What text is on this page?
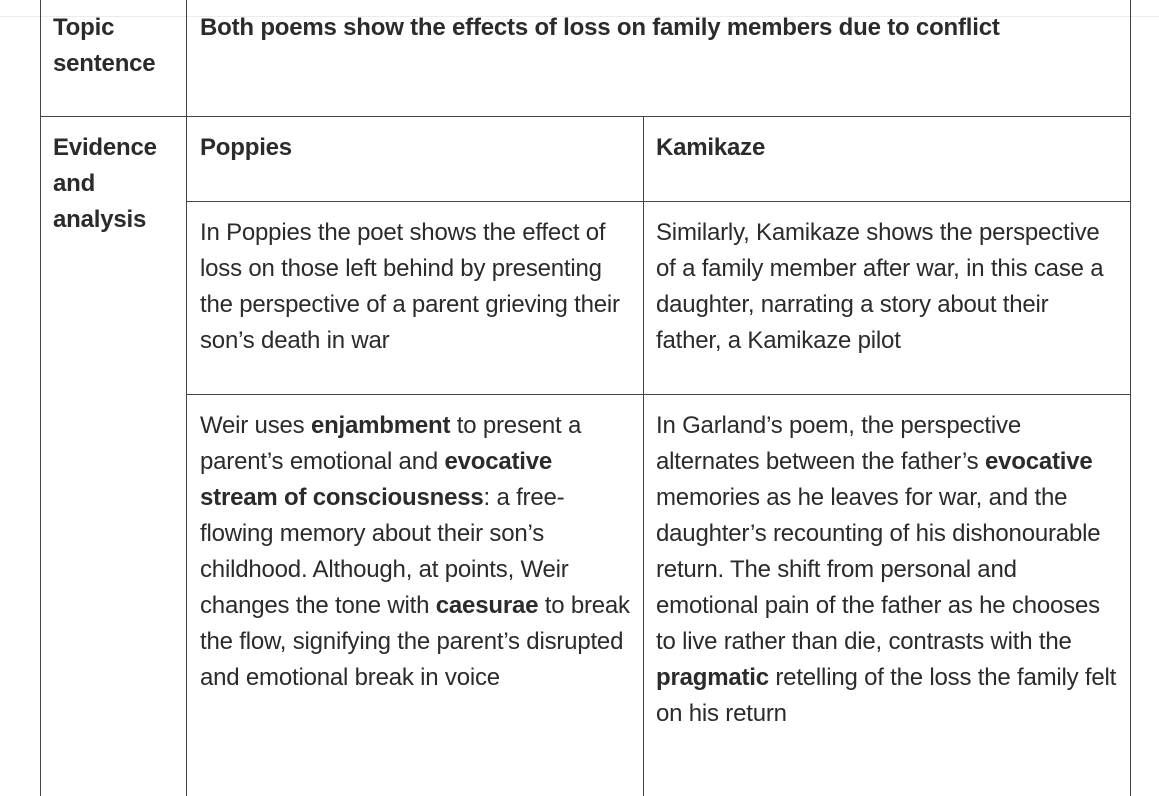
Topic sentence
Both poems show the effects of loss on family members due to conflict
Evidence and analysis
Poppies	Kamikaze
In Poppies the poet shows the effect of loss on those left behind by presenting the perspective of a parent grieving their son’s death in war
Similarly, Kamikaze shows the perspective of a family member after war, in this case a daughter, narrating a story about their father, a Kamikaze pilot
Weir uses enjambment to present a parent’s emotional and evocative stream of consciousness: a free-flowing memory about their son’s childhood. Although, at points, Weir changes the tone with caesurae to break the flow, signifying the parent’s disrupted and emotional break in voice
In Garland’s poem, the perspective alternates between the father’s evocative memories as he leaves for war, and the daughter’s recounting of his dishonourable return. The shift from personal and emotional pain of the father as he chooses to live rather than die, contrasts with the pragmatic retelling of the loss the family felt on his return
